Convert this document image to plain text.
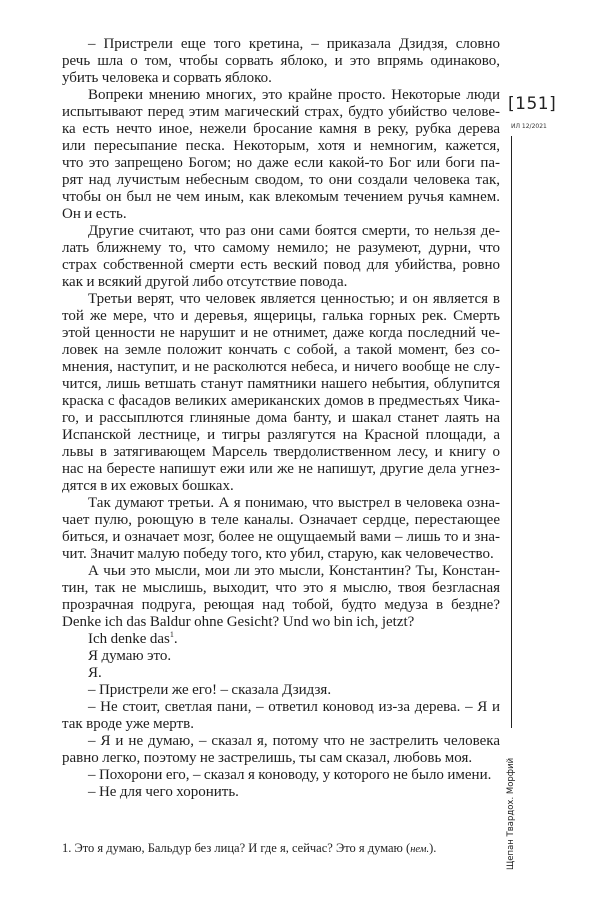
– Пристрели еще того кретина, – приказала Дзидзя, словно
речь шла о том, чтобы сорвать яблоко, и это впрямь одинаково,
убить человека и сорвать яблоко.
Вопреки мнению многих, это крайне просто. Некоторые люди
испытывают перед этим магический страх, будто убийство челове-
ка есть нечто иное, нежели бросание камня в реку, рубка дерева
или пересыпание песка. Некоторым, хотя и немногим, кажется,
что это запрещено Богом; но даже если какой-то Бог или боги па-
рят над лучистым небесным сводом, то они создали человека так,
чтобы он был не чем иным, как влекомым течением ручья камнем.
Он и есть.
Другие считают, что раз они сами боятся смерти, то нельзя де-
лать ближнему то, что самому немило; не разумеют, дурни, что
страх собственной смерти есть веский повод для убийства, ровно
как и всякий другой либо отсутствие повода.
Третьи верят, что человек является ценностью; и он является в
той же мере, что и деревья, ящерицы, галька горных рек. Смерть
этой ценности не нарушит и не отнимет, даже когда последний че-
ловек на земле положит кончать с собой, а такой момент, без со-
мнения, наступит, и не расколются небеса, и ничего вообще не слу-
чится, лишь ветшать станут памятники нашего небытия, облупится
краска с фасадов великих американских домов в предместьях Чика-
го, и рассыплются глиняные дома банту, и шакал станет лаять на
Испанской лестнице, и тигры разлягутся на Красной площади, а
львы в затягивающем Марсель твердолиственном лесу, и книгу о
нас на бересте напишут ежи или же не напишут, другие дела угнез-
дятся в их ежовых бошках.
Так думают третьи. А я понимаю, что выстрел в человека озна-
чает пулю, роющую в теле каналы. Означает сердце, перестающее
биться, и означает мозг, более не ощущаемый вами – лишь то и зна-
чит. Значит малую победу того, кто убил, старую, как человечество.
А чьи это мысли, мои ли это мысли, Константин? Ты, Констан-
тин, так не мыслишь, выходит, что это я мыслю, твоя безгласная
прозрачная подруга, реющая над тобой, будто медуза в бездне?
Denke ich das Baldur ohne Gesicht? Und wo bin ich, jetzt?
Ich denke das$^1$.
Я думаю это.
Я.
– Пристрели же его! – сказала Дзидзя.
– Не стоит, светлая пани, – ответил коновод из-за дерева. – Я и
так вроде уже мертв.
– Я и не думаю, – сказал я, потому что не застрелить человека
равно легко, поэтому не застрелишь, ты сам сказал, любовь моя.
– Похорони его, – сказал я коноводу, у которого не было имени.
– Не для чего хоронить.
[151]
ИЛ 12/2021
Щепан Твардох. Морфий
1. Это я думаю, Бальдур без лица? И где я, сейчас? Это я думаю (нем.).
